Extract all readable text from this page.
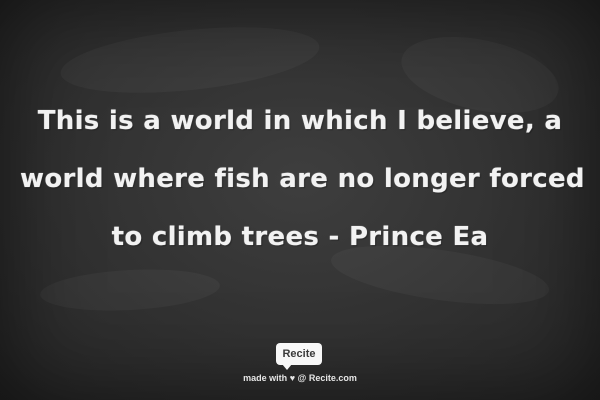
This is a world in which I believe, a
world where fish are no longer forced
to climb trees - Prince Ea

Recite
made with ♥ @ Recite.com
